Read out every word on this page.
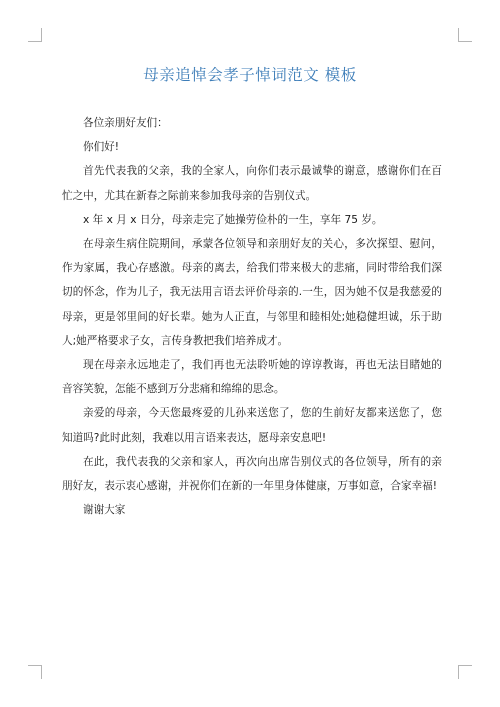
母亲追悼会孝子悼词范文 模板

各位亲朋好友们：

你们好!

首先代表我的父亲，我的全家人，向你们表示最诚挚的谢意，感谢你们在百忙之中，尤其在新春之际前来参加我母亲的告别仪式。

x 年 x 月 x 日分，母亲走完了她操劳俭朴的一生，享年 75 岁。

在母亲生病住院期间，承蒙各位领导和亲朋好友的关心，多次探望、慰问，作为家属，我心存感激。母亲的离去，给我们带来极大的悲痛，同时带给我们深切的怀念，作为儿子，我无法用言语去评价母亲的.一生，因为她不仅是我慈爱的母亲，更是邻里间的好长辈。她为人正直，与邻里和睦相处;她稳健坦诚，乐于助人;她严格要求子女，言传身教把我们培养成才。

现在母亲永远地走了，我们再也无法聆听她的谆谆教诲，再也无法目睹她的音容笑貌，怎能不感到万分悲痛和绵绵的思念。

亲爱的母亲，今天您最疼爱的儿孙来送您了，您的生前好友都来送您了，您知道吗?此时此刻，我难以用言语来表达，愿母亲安息吧!

在此，我代表我的父亲和家人，再次向出席告别仪式的各位领导，所有的亲朋好友，表示衷心感谢，并祝你们在新的一年里身体健康，万事如意，合家幸福!

谢谢大家
